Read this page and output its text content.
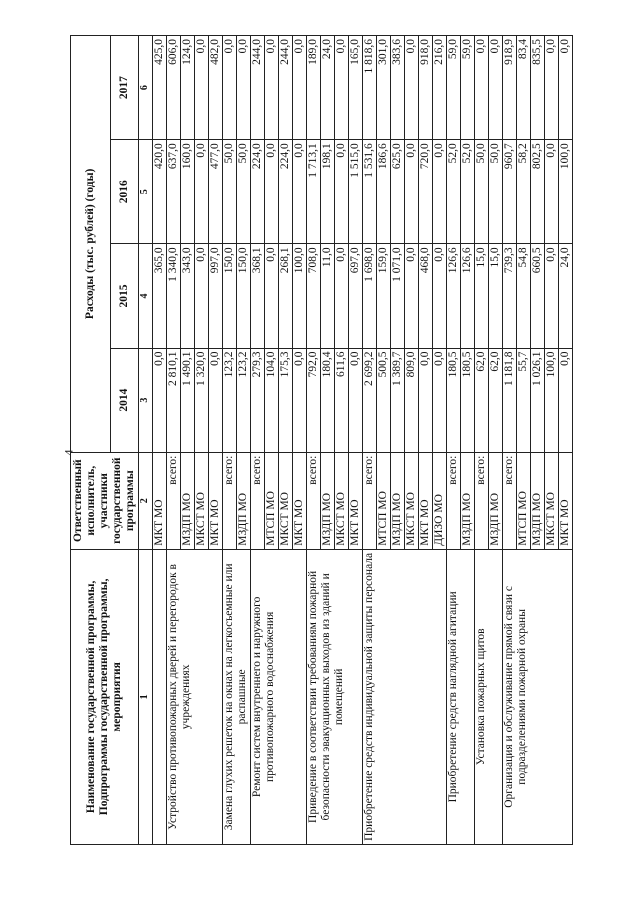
4
Наименование государственной программы, Подпрограммы государственной программы, мероприятия	Ответственный исполнитель, участники государственной программы	Расходы (тыс. рублей) (годы)			
		2014	2015	2016	2017
1	2	3	4	5	6
	МКТ МО	0,0	365,0	420,0	425,0
Устройство противопожарных дверей и перегородок в учреждениях	всего:	2 810,1	1 340,0	637,0	606,0
	МЗДП МО	1 490,1	343,0	160,0	124,0
	МКСТ МО	1 320,0	0,0	0,0	0,0
	МКТ МО	0,0	997,0	477,0	482,0
Замена глухих решеток на окнах на легкосъемные или распашные	всего:	123,2	150,0	50,0	0,0
	МЗДП МО	123,2	150,0	50,0	0,0
Ремонт систем внутреннего и наружного противопожарного водоснабжения	всего:	279,3	368,1	224,0	244,0
	МТСП МО	104,0	0,0	0,0	0,0
	МКСТ МО	175,3	268,1	224,0	244,0
	МКТ МО	0,0	100,0	0,0	0,0
Приведение в соответствии требованиям пожарной безопасности эвакуационных выходов из зданий и помещений	всего:	792,0	708,0	1 713,1	189,0
	МЗДП МО	180,4	11,0	198,1	24,0
	МКСТ МО	611,6	0,0	0,0	0,0
	МКТ МО	0,0	697,0	1 515,0	165,0
Приобретение средств индивидуальной защиты персонала	всего:	2 699,2	1 698,0	1 531,6	1 818,6
	МТСП МО	500,5	159,0	186,6	301,0
	МЗДП МО	1 389,7	1 071,0	625,0	383,6
	МКСТ МО	809,0	0,0	0,0	0,0
	МКТ МО	0,0	468,0	720,0	918,0
	ДИЗО МО	0,0	0,0	0,0	216,0
Приобретение средств наглядной агитации	всего:	180,5	126,6	52,0	59,0
	МЗДП МО	180,5	126,6	52,0	59,0
Установка пожарных щитов	всего:	62,0	15,0	50,0	0,0
	МЗДП МО	62,0	15,0	50,0	0,0
Организация и обслуживание прямой связи с подразделениями пожарной охраны	всего:	1 181,8	739,3	960,7	918,9
	МТСП МО	55,7	54,8	58,2	83,4
	МЗДП МО	1 026,1	660,5	802,5	835,5
	МКСТ МО	100,0	0,0	0,0	0,0
	МКТ МО	0,0	24,0	100,0	0,0
